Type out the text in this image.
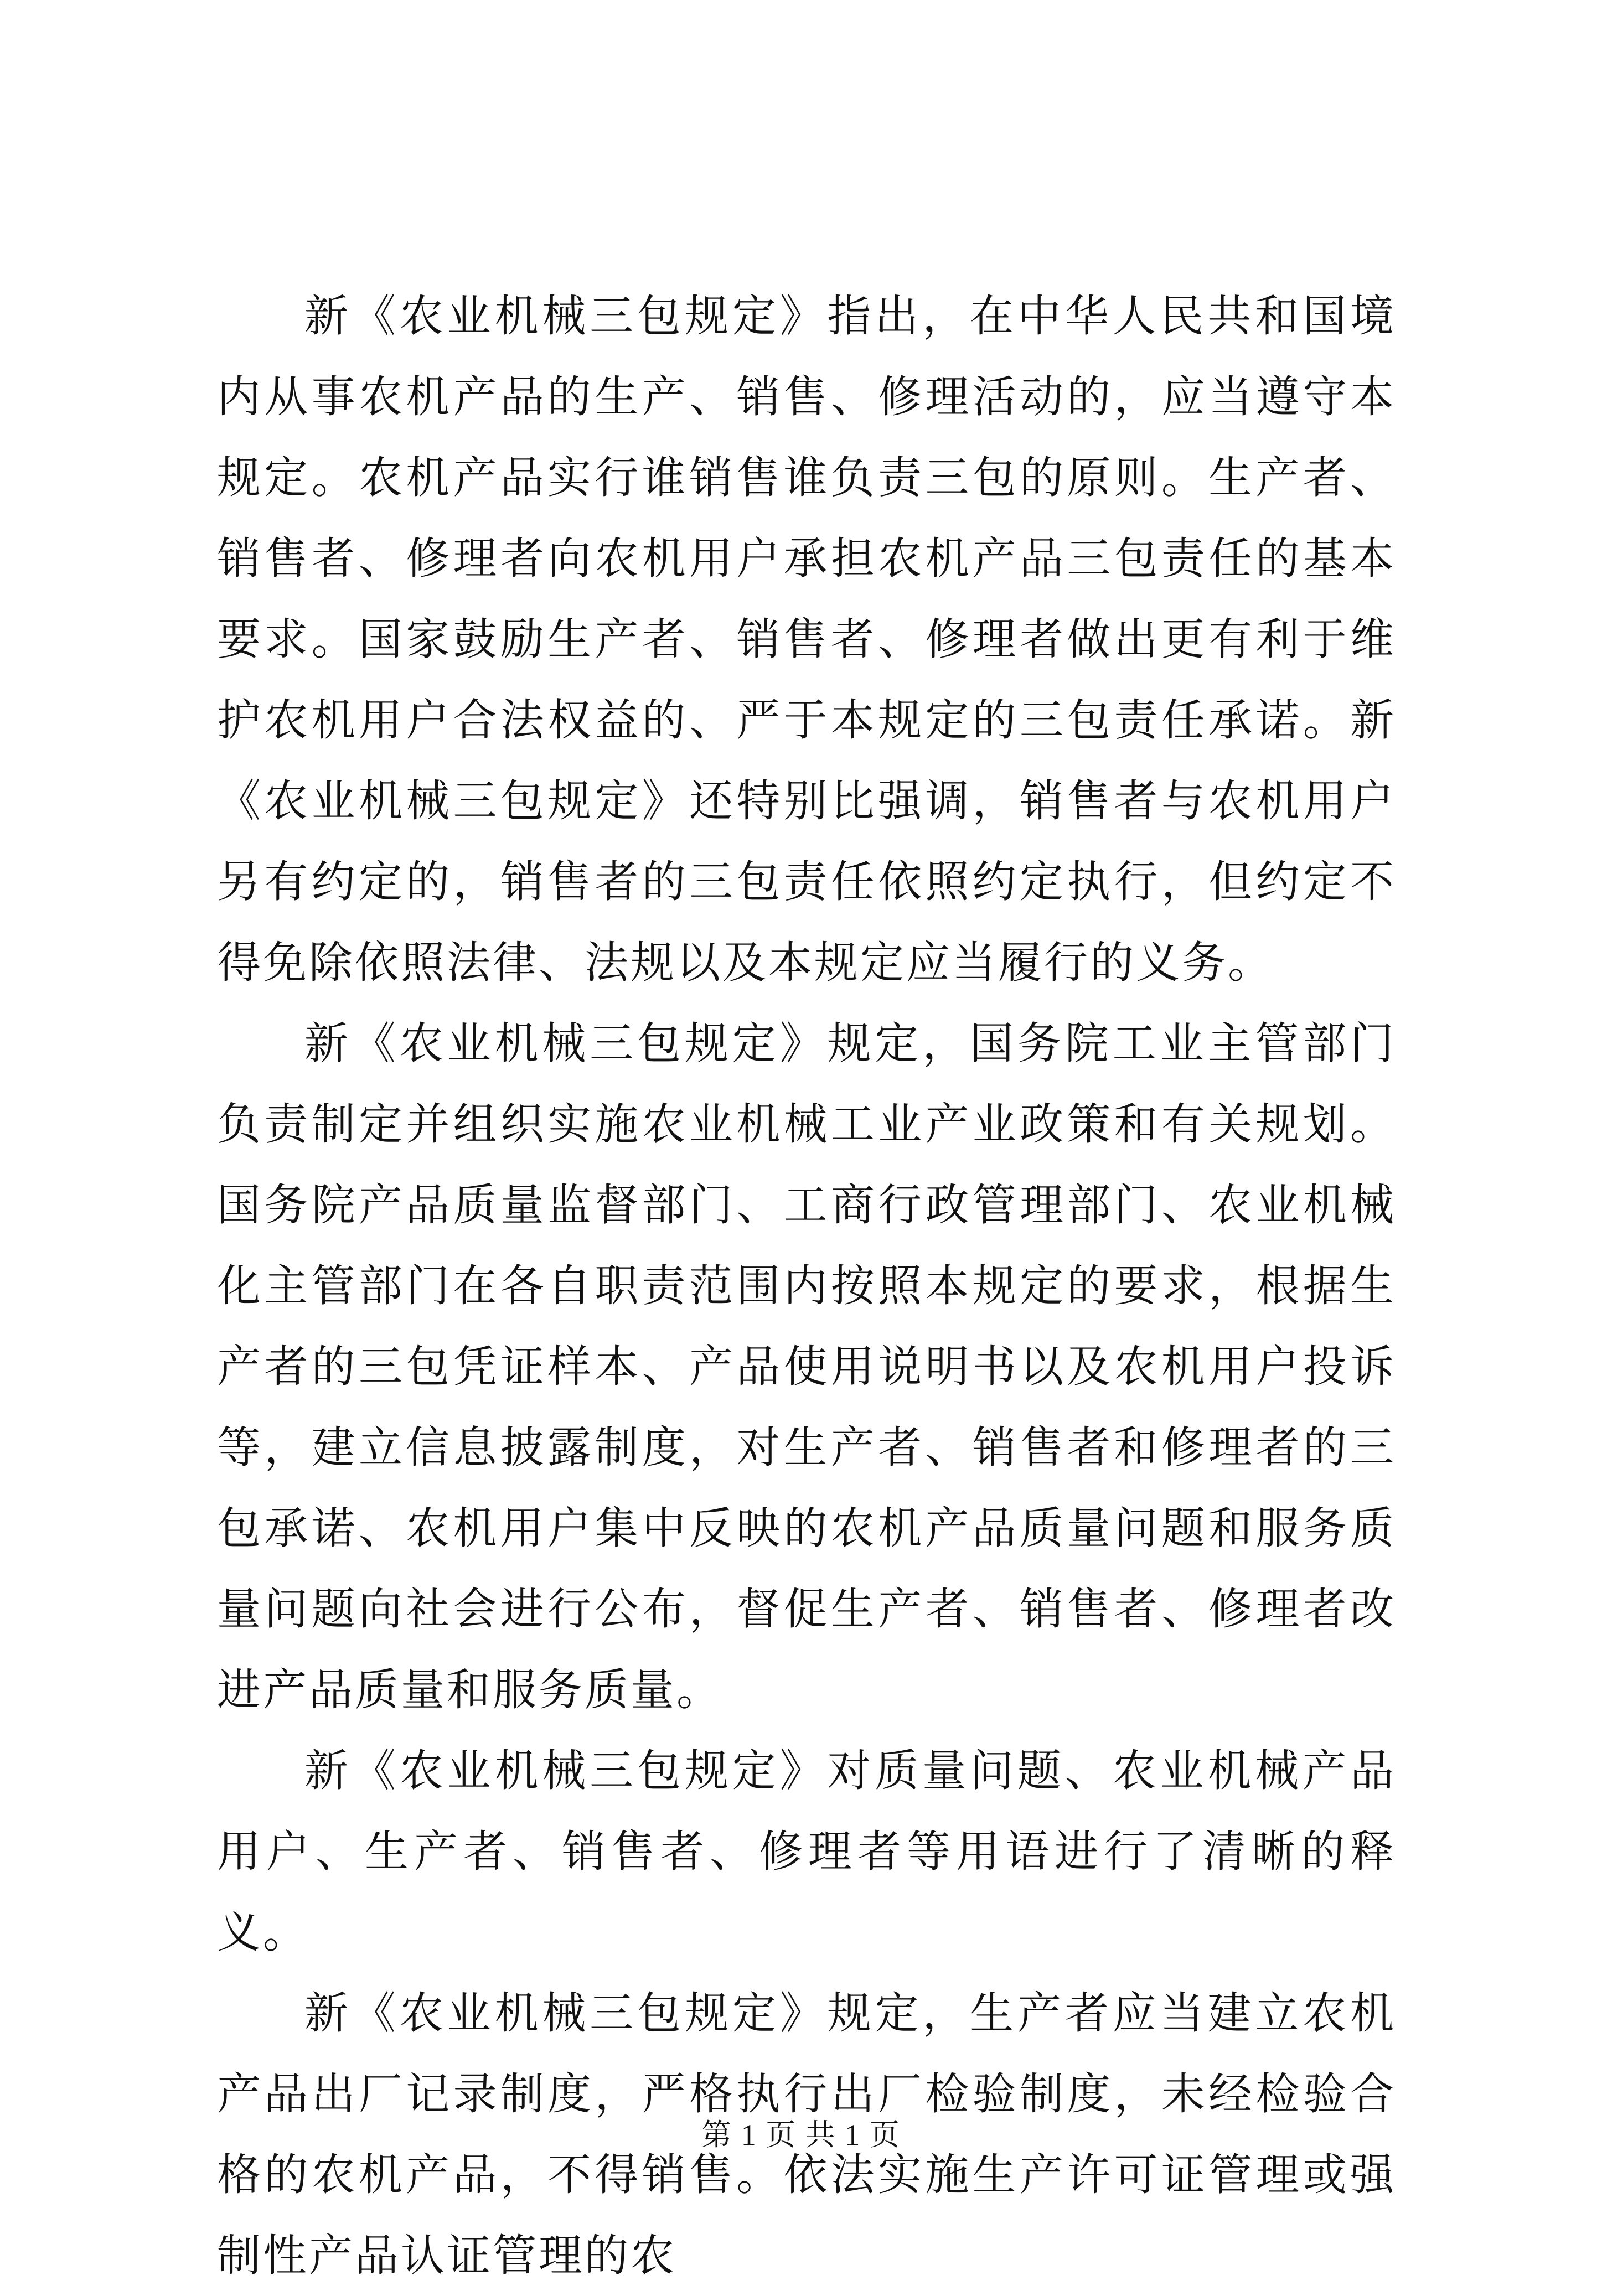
新《农业机械三包规定》指出，在中华人民共和国境内从事农机产品的生产、销售、修理活动的，应当遵守本规定。农机产品实行谁销售谁负责三包的原则。生产者、销售者、修理者向农机用户承担农机产品三包责任的基本要求。国家鼓励生产者、销售者、修理者做出更有利于维护农机用户合法权益的、严于本规定的三包责任承诺。新《农业机械三包规定》还特别比强调，销售者与农机用户另有约定的，销售者的三包责任依照约定执行，但约定不得免除依照法律、法规以及本规定应当履行的义务。

新《农业机械三包规定》规定，国务院工业主管部门负责制定并组织实施农业机械工业产业政策和有关规划。国务院产品质量监督部门、工商行政管理部门、农业机械化主管部门在各自职责范围内按照本规定的要求，根据生产者的三包凭证样本、产品使用说明书以及农机用户投诉等，建立信息披露制度，对生产者、销售者和修理者的三包承诺、农机用户集中反映的农机产品质量问题和服务质量问题向社会进行公布，督促生产者、销售者、修理者改进产品质量和服务质量。

新《农业机械三包规定》对质量问题、农业机械产品用户、生产者、销售者、修理者等用语进行了清晰的释义。

新《农业机械三包规定》规定，生产者应当建立农机产品出厂记录制度，严格执行出厂检验制度，未经检验合格的农机产品，不得销售。依法实施生产许可证管理或强制性产品认证管理的农

第 1 页 共 1 页
